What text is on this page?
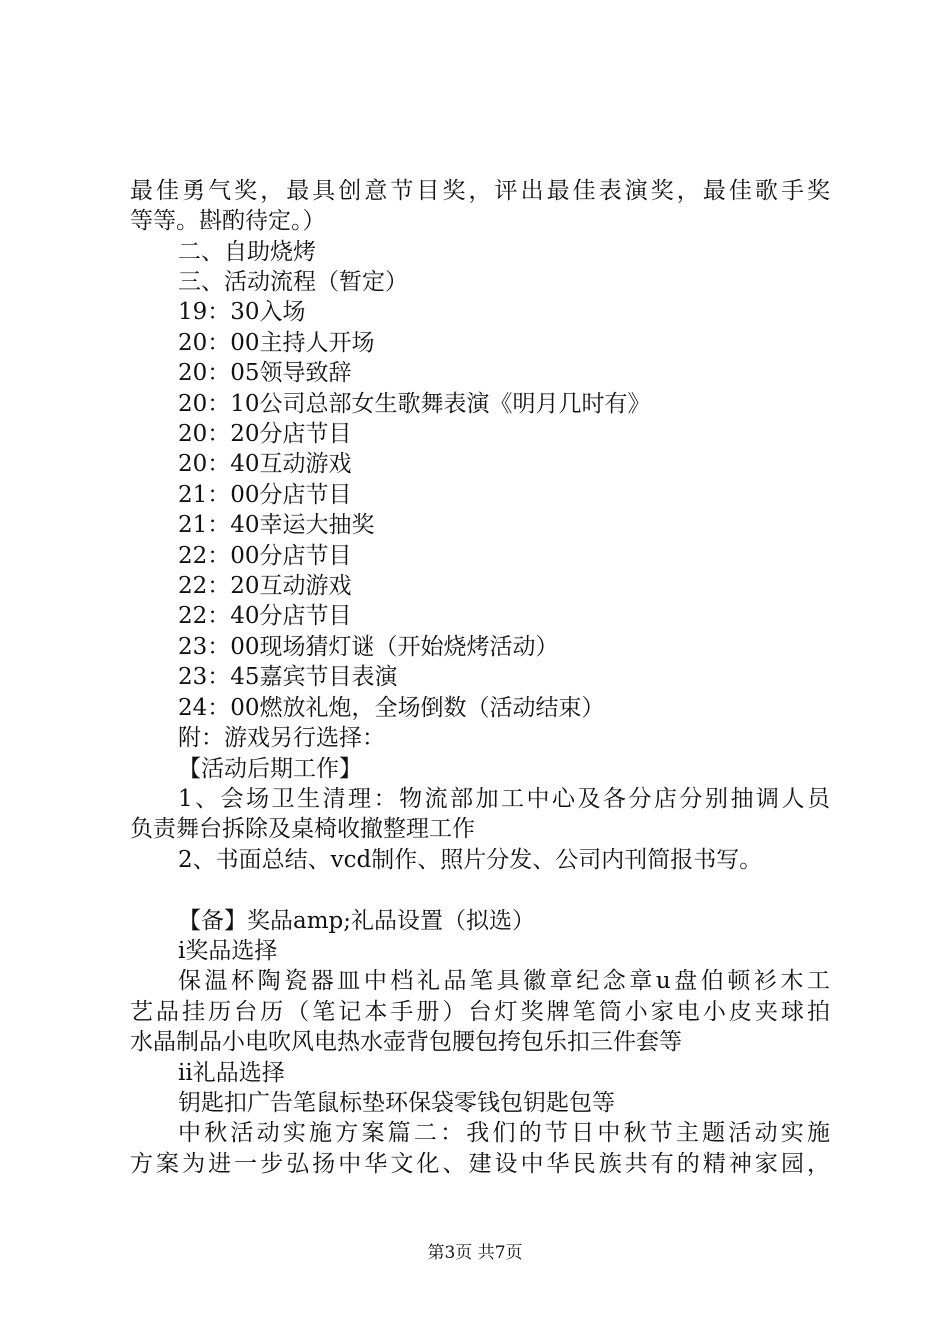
最佳勇气奖，最具创意节目奖，评出最佳表演奖，最佳歌手奖
等等。斟酌待定。）
二、自助烧烤
三、活动流程（暂定）
19：30入场
20：00主持人开场
20：05领导致辞
20：10公司总部女生歌舞表演《明月几时有》
20：20分店节目
20：40互动游戏
21：00分店节目
21：40幸运大抽奖
22：00分店节目
22：20互动游戏
22：40分店节目
23：00现场猜灯谜（开始烧烤活动）
23：45嘉宾节目表演
24：00燃放礼炮，全场倒数（活动结束）
附：游戏另行选择：
【活动后期工作】
1、会场卫生清理：物流部加工中心及各分店分别抽调人员
负责舞台拆除及桌椅收撤整理工作
2、书面总结、vcd制作、照片分发、公司内刊简报书写。
【备】奖品amp;礼品设置（拟选）
i奖品选择
保温杯陶瓷器皿中档礼品笔具徽章纪念章u盘伯顿衫木工
艺品挂历台历（笔记本手册）台灯奖牌笔筒小家电小皮夹球拍
水晶制品小电吹风电热水壶背包腰包挎包乐扣三件套等
ii礼品选择
钥匙扣广告笔鼠标垫环保袋零钱包钥匙包等
中秋活动实施方案篇二：我们的节日中秋节主题活动实施
方案为进一步弘扬中华文化、建设中华民族共有的精神家园，
第3页 共7页
